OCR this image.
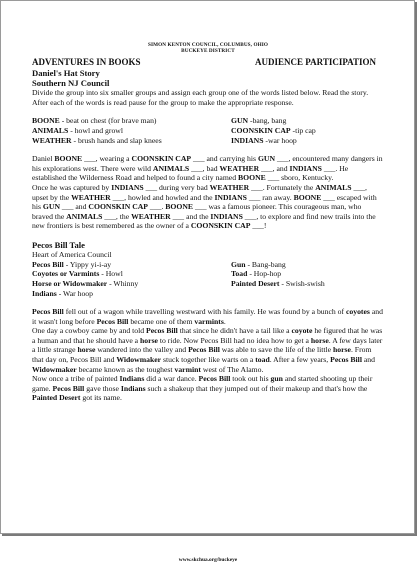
SIMON KENTON COUNCIL, COLUMBUS, OHIO
BUCKEYE DISTRICT
ADVENTURES IN BOOKS	AUDIENCE PARTICIPATION
Daniel's Hat Story
Southern NJ Council

Divide the group into six smaller groups and assign each group one of the words listed below. Read the story. After each of the words is read pause for the group to make the appropriate response.

BOONE - beat on chest (for brave man)	GUN -bang, bang
ANIMALS - howl and growl	COONSKIN CAP -tip cap
WEATHER - brush hands and slap knees	INDIANS -war hoop

Daniel BOONE ___, wearing a COONSKIN CAP ___ and carrying his GUN ___, encountered many dangers in his explorations west. There were wild ANIMALS ___, bad WEATHER ___, and INDIANS ___. He established the Wilderness Road and helped to found a city named BOONE ___ sboro, Kentucky.
Once he was captured by INDIANS ___ during very bad WEATHER ___. Fortunately the ANIMALS ___, upset by the WEATHER ___, howled and howled and the INDIANS ___ ran away. BOONE ___ escaped with his GUN ___ and COONSKIN CAP ___. BOONE ___ was a famous pioneer. This courageous man, who braved the ANIMALS ___, the WEATHER ___ and the INDIANS ___, to explore and find new trails into the new frontiers is best remembered as the owner of a COONSKIN CAP ___!

Pecos Bill Tale
Heart of America Council
Pecos Bill - Yippy yi-i-ay	Gun - Bang-bang
Coyotes or Varmints - Howl	Toad - Hop-hop
Horse or Widowmaker - Whinny	Painted Desert - Swish-swish
Indians - War hoop

Pecos Bill fell out of a wagon while travelling westward with his family. He was found by a bunch of coyotes and it wasn't long before Pecos Bill became one of them varmints.
One day a cowboy came by and told Pecos Bill that since he didn't have a tail like a coyote he figured that he was a human and that he should have a horse to ride. Now Pecos Bill had no idea how to get a horse. A few days later a little strange horse wandered into the valley and Pecos Bill was able to save the life of the little horse. From that day on, Pecos Bill and Widowmaker stuck together like warts on a toad. After a few years, Pecos Bill and Widowmaker became known as the toughest varmint west of The Alamo.
Now once a tribe of painted Indians did a war dance. Pecos Bill took out his gun and started shooting up their game. Pecos Bill gave those Indians such a shakeup that they jumped out of their makeup and that's how the Painted Desert got its name.

www.skchua.org/buckeye
